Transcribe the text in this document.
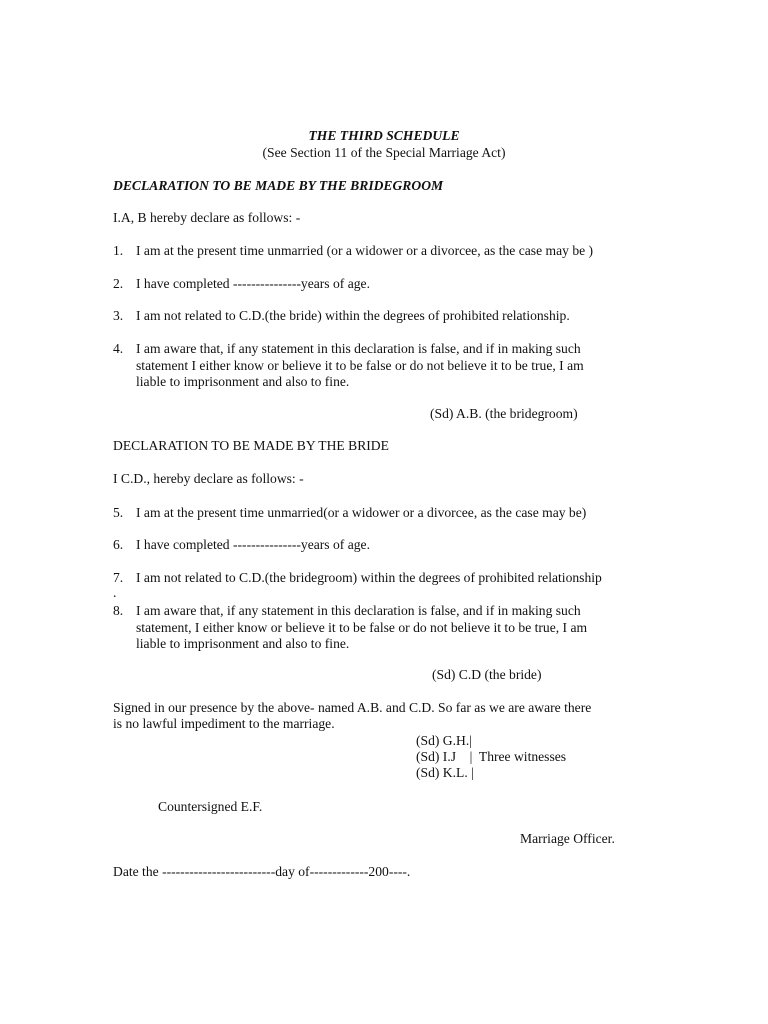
THE THIRD SCHEDULE
(See Section 11 of the Special Marriage Act)
DECLARATION TO BE MADE BY THE BRIDEGROOM
I.A, B hereby declare as follows: -
1. I am at the present time unmarried (or a widower or a divorcee, as the case may be )
2. I have completed ---------------years of age.
3. I am not related to C.D.(the bride) within the degrees of prohibited relationship.
4. I am aware that, if any statement in this declaration is false, and if in making such
statement I either know or believe it to be false or do not believe it to be true, I am
liable to imprisonment and also to fine.
(Sd) A.B. (the bridegroom)
DECLARATION TO BE MADE BY THE BRIDE
I C.D., hereby declare as follows: -
5. I am at the present time unmarried(or a widower or a divorcee, as the case may be)
6. I have completed ---------------years of age.
7. I am not related to C.D.(the bridegroom) within the degrees of prohibited relationship
.
8. I am aware that, if any statement in this declaration is false, and if in making such
statement, I either know or believe it to be false or do not believe it to be true, I am
liable to imprisonment and also to fine.
(Sd) C.D (the bride)
Signed in our presence by the above- named A.B. and C.D. So far as we are aware there
is no lawful impediment to the marriage.
(Sd) G.H.|
(Sd) I.J    |  Three witnesses
(Sd) K.L. |
Countersigned E.F.
Marriage Officer.
Date the -------------------------day of-------------200----.
